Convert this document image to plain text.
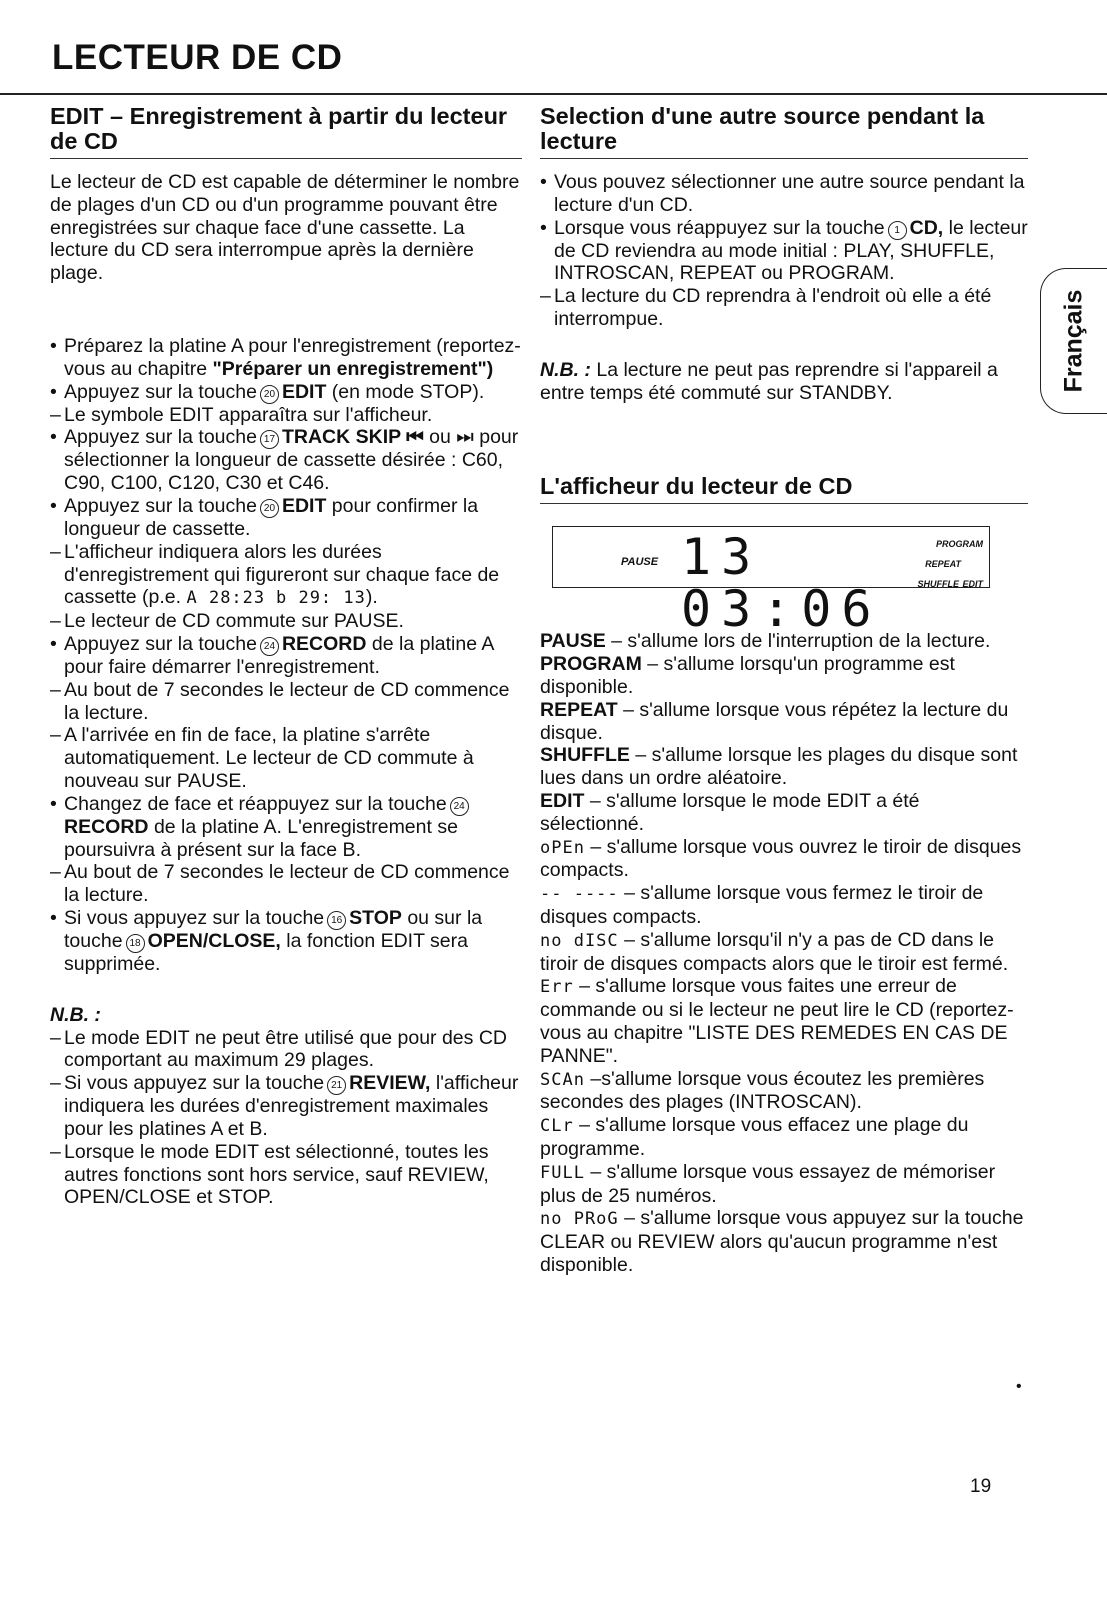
LECTEUR DE CD
Français
EDIT – Enregistrement à partir du lecteur de CD

Le lecteur de CD est capable de déterminer le nombre de plages d'un CD ou d'un programme pouvant être enregistrées sur chaque face d'une cassette. La lecture du CD sera interrompue après la dernière plage.

• Préparez la platine A pour l'enregistrement (reportez-vous au chapitre "Préparer un enregistrement")

• Appuyez sur la touche 20 EDIT (en mode STOP).

– Le symbole EDIT apparaîtra sur l'afficheur.

• Appuyez sur la touche 17 TRACK SKIP ⏮ ou ⏭ pour sélectionner la longueur de cassette désirée : C60, C90, C100, C120, C30 et C46.

• Appuyez sur la touche 20 EDIT pour confirmer la longueur de cassette.

– L'afficheur indiquera alors les durées d'enregistrement qui figureront sur chaque face de cassette (p.e. A 28:23 b 29: 13).

– Le lecteur de CD commute sur PAUSE.

• Appuyez sur la touche 24 RECORD de la platine A pour faire démarrer l'enregistrement.

– Au bout de 7 secondes le lecteur de CD commence la lecture.

– A l'arrivée en fin de face, la platine s'arrête automatiquement. Le lecteur de CD commute à nouveau sur PAUSE.

• Changez de face et réappuyez sur la touche 24 RECORD de la platine A. L'enregistrement se poursuivra à présent sur la face B.

– Au bout de 7 secondes le lecteur de CD commence la lecture.

• Si vous appuyez sur la touche 16 STOP ou sur la touche 18 OPEN/CLOSE, la fonction EDIT sera supprimée.

N.B. :

– Le mode EDIT ne peut être utilisé que pour des CD comportant au maximum 29 plages.

– Si vous appuyez sur la touche 21 REVIEW, l'afficheur indiquera les durées d'enregistrement maximales pour les platines A et B.

– Lorsque le mode EDIT est sélectionné, toutes les autres fonctions sont hors service, sauf REVIEW, OPEN/CLOSE et STOP.

Selection d'une autre source pendant la lecture

• Vous pouvez sélectionner une autre source pendant la lecture d'un CD.

• Lorsque vous réappuyez sur la touche 1 CD, le lecteur de CD reviendra au mode initial : PLAY, SHUFFLE, INTROSCAN, REPEAT ou PROGRAM.

– La lecture du CD reprendra à l'endroit où elle a été interrompue.

N.B. : La lecture ne peut pas reprendre si l'appareil a entre temps été commuté sur STANDBY.

L'afficheur du lecteur de CD
PAUSE 13 03:06
PROGRAM
REPEAT
SHUFFLE EDIT

PAUSE – s'allume lors de l'interruption de la lecture.

PROGRAM – s'allume lorsqu'un programme est disponible.

REPEAT – s'allume lorsque vous répétez la lecture du disque.

SHUFFLE – s'allume lorsque les plages du disque sont lues dans un ordre aléatoire.

EDIT – s'allume lorsque le mode EDIT a été sélectionné.

oPEn – s'allume lorsque vous ouvrez le tiroir de disques compacts.

-- ---- – s'allume lorsque vous fermez le tiroir de disques compacts.

no dISC – s'allume lorsqu'il n'y a pas de CD dans le tiroir de disques compacts alors que le tiroir est fermé.

Err – s'allume lorsque vous faites une erreur de commande ou si le lecteur ne peut lire le CD (reportez-vous au chapitre "LISTE DES REMEDES EN CAS DE PANNE".

SCAn –s'allume lorsque vous écoutez les premières secondes des plages (INTROSCAN).

CLr – s'allume lorsque vous effacez une plage du programme.

FULL – s'allume lorsque vous essayez de mémoriser plus de 25 numéros.

no PRoG – s'allume lorsque vous appuyez sur la touche CLEAR ou REVIEW alors qu'aucun programme n'est disponible.

•
19
